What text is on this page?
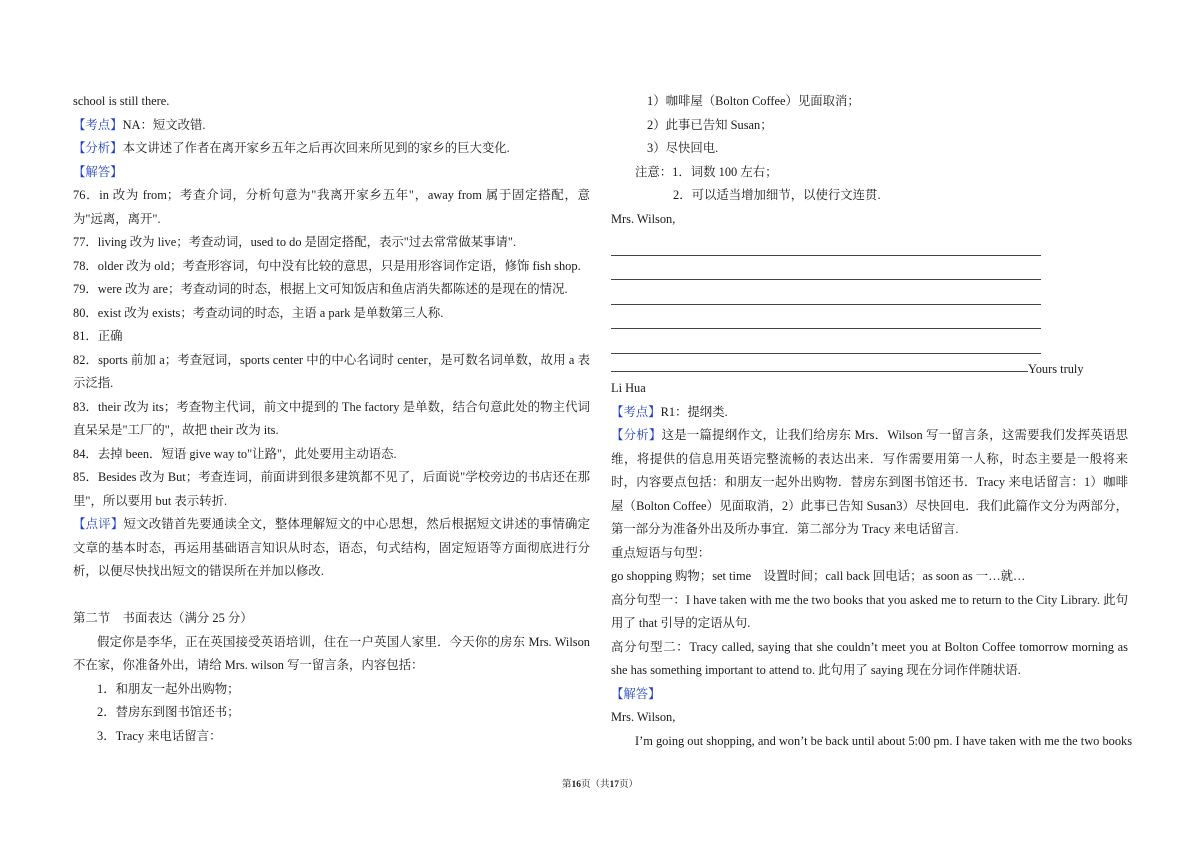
school is still there.
【考点】NA：短文改错.
【分析】本文讲述了作者在离开家乡五年之后再次回来所见到的家乡的巨大变化.
【解答】
76．in 改为 from；考查介词，分析句意为"我离开家乡五年"，away from 属于固定搭配，意为"远离，离开".
77．living 改为 live；考查动词，used to do 是固定搭配，表示"过去常常做某事请".
78．older 改为 old；考查形容词，句中没有比较的意思，只是用形容词作定语，修饰 fish shop.
79．were 改为 are；考查动词的时态，根据上文可知饭店和鱼店消失都陈述的是现在的情况.
80．exist 改为 exists；考查动词的时态，主语 a park 是单数第三人称.
81．正确
82．sports 前加 a；考查冠词，sports center 中的中心名词时 center，是可数名词单数，故用 a 表示泛指.
83．their 改为 its；考查物主代词，前文中提到的 The factory 是单数，结合句意此处的物主代词直呆呆是"工厂的"，故把 their 改为 its.
84．去掉 been．短语 give way to"让路"，此处要用主动语态.
85．Besides 改为 But；考查连词，前面讲到很多建筑都不见了，后面说"学校旁边的书店还在那里"，所以要用 but 表示转折.
【点评】短文改错首先要通读全文，整体理解短文的中心思想，然后根据短文讲述的事情确定文章的基本时态，再运用基础语言知识从时态，语态，句式结构，固定短语等方面彻底进行分析，以便尽快找出短文的错误所在并加以修改.
第二节　书面表达（满分 25 分）
假定你是李华，正在英国接受英语培训，住在一户英国人家里．今天你的房东 Mrs. Wilson 不在家，你准备外出，请给 Mrs. wilson 写一留言条，内容包括：
1．和朋友一起外出购物；
2．替房东到图书馆还书；
3．Tracy 来电话留言：
1）咖啡屋（Bolton Coffee）见面取消；
2）此事已告知 Susan；
3）尽快回电.
注意：1．词数 100 左右；
2．可以适当增加细节，以使行文连贯.
Mrs. Wilson,
Yours truly
Li Hua
【考点】R1：提纲类.
【分析】这是一篇提纲作文，让我们给房东 Mrs．Wilson 写一留言条，这需要我们发挥英语思维，将提供的信息用英语完整流畅的表达出来．写作需要用第一人称，时态主要是一般将来时，内容要点包括：和朋友一起外出购物．替房东到图书馆还书．Tracy 来电话留言：1）咖啡屋（Bolton Coffee）见面取消，2）此事已告知 Susan3）尽快回电．我们此篇作文分为两部分，第一部分为准备外出及所办事宜．第二部分为 Tracy 来电话留言.
重点短语与句型：
go shopping 购物；set time　设置时间；call back 回电话；as soon as 一…就…
高分句型一：I have taken with me the two books that you asked me to return to the City Library. 此句用了 that 引导的定语从句.
高分句型二：Tracy called, saying that she couldn’t meet you at Bolton Coffee tomorrow morning as she has something important to attend to. 此句用了 saying 现在分词作伴随状语.
【解答】
Mrs. Wilson,
I’m going out shopping, and won’t be back until about 5:00 pm. I have taken with me the two books
第16页（共17页）
